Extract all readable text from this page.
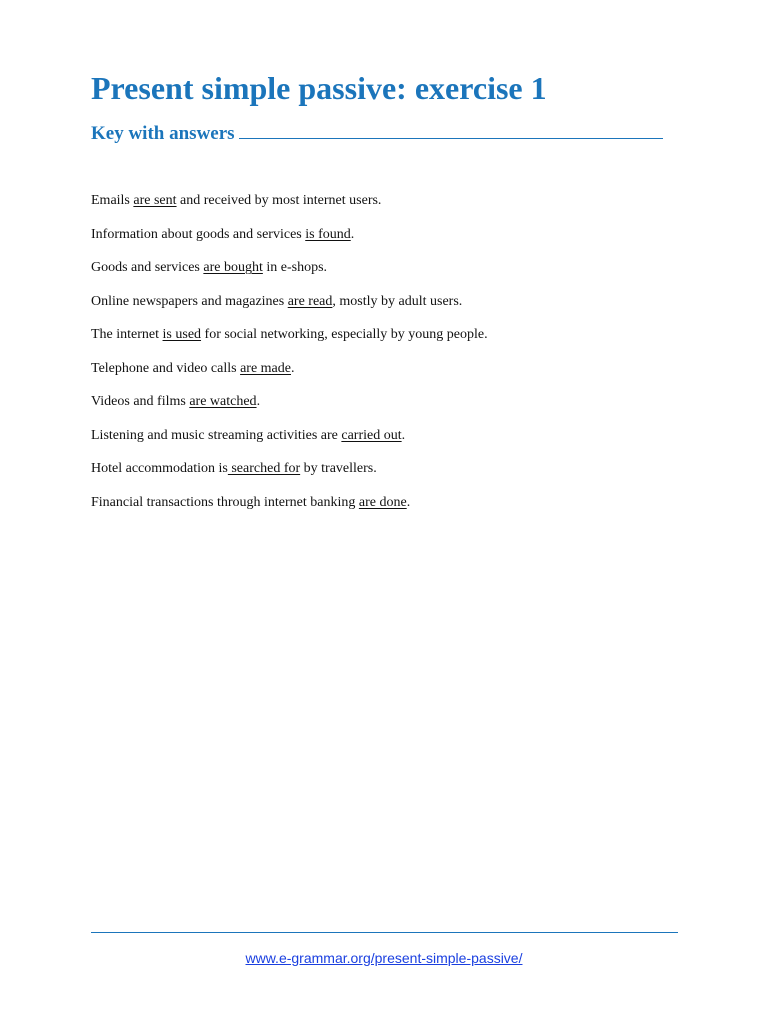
Present simple passive: exercise 1
Key with answers
Emails are sent and received by most internet users.
Information about goods and services is found.
Goods and services are bought in e-shops.
Online newspapers and magazines are read, mostly by adult users.
The internet is used for social networking, especially by young people.
Telephone and video calls are made.
Videos and films are watched.
Listening and music streaming activities are carried out.
Hotel accommodation is searched for by travellers.
Financial transactions through internet banking are done.
www.e-grammar.org/present-simple-passive/
